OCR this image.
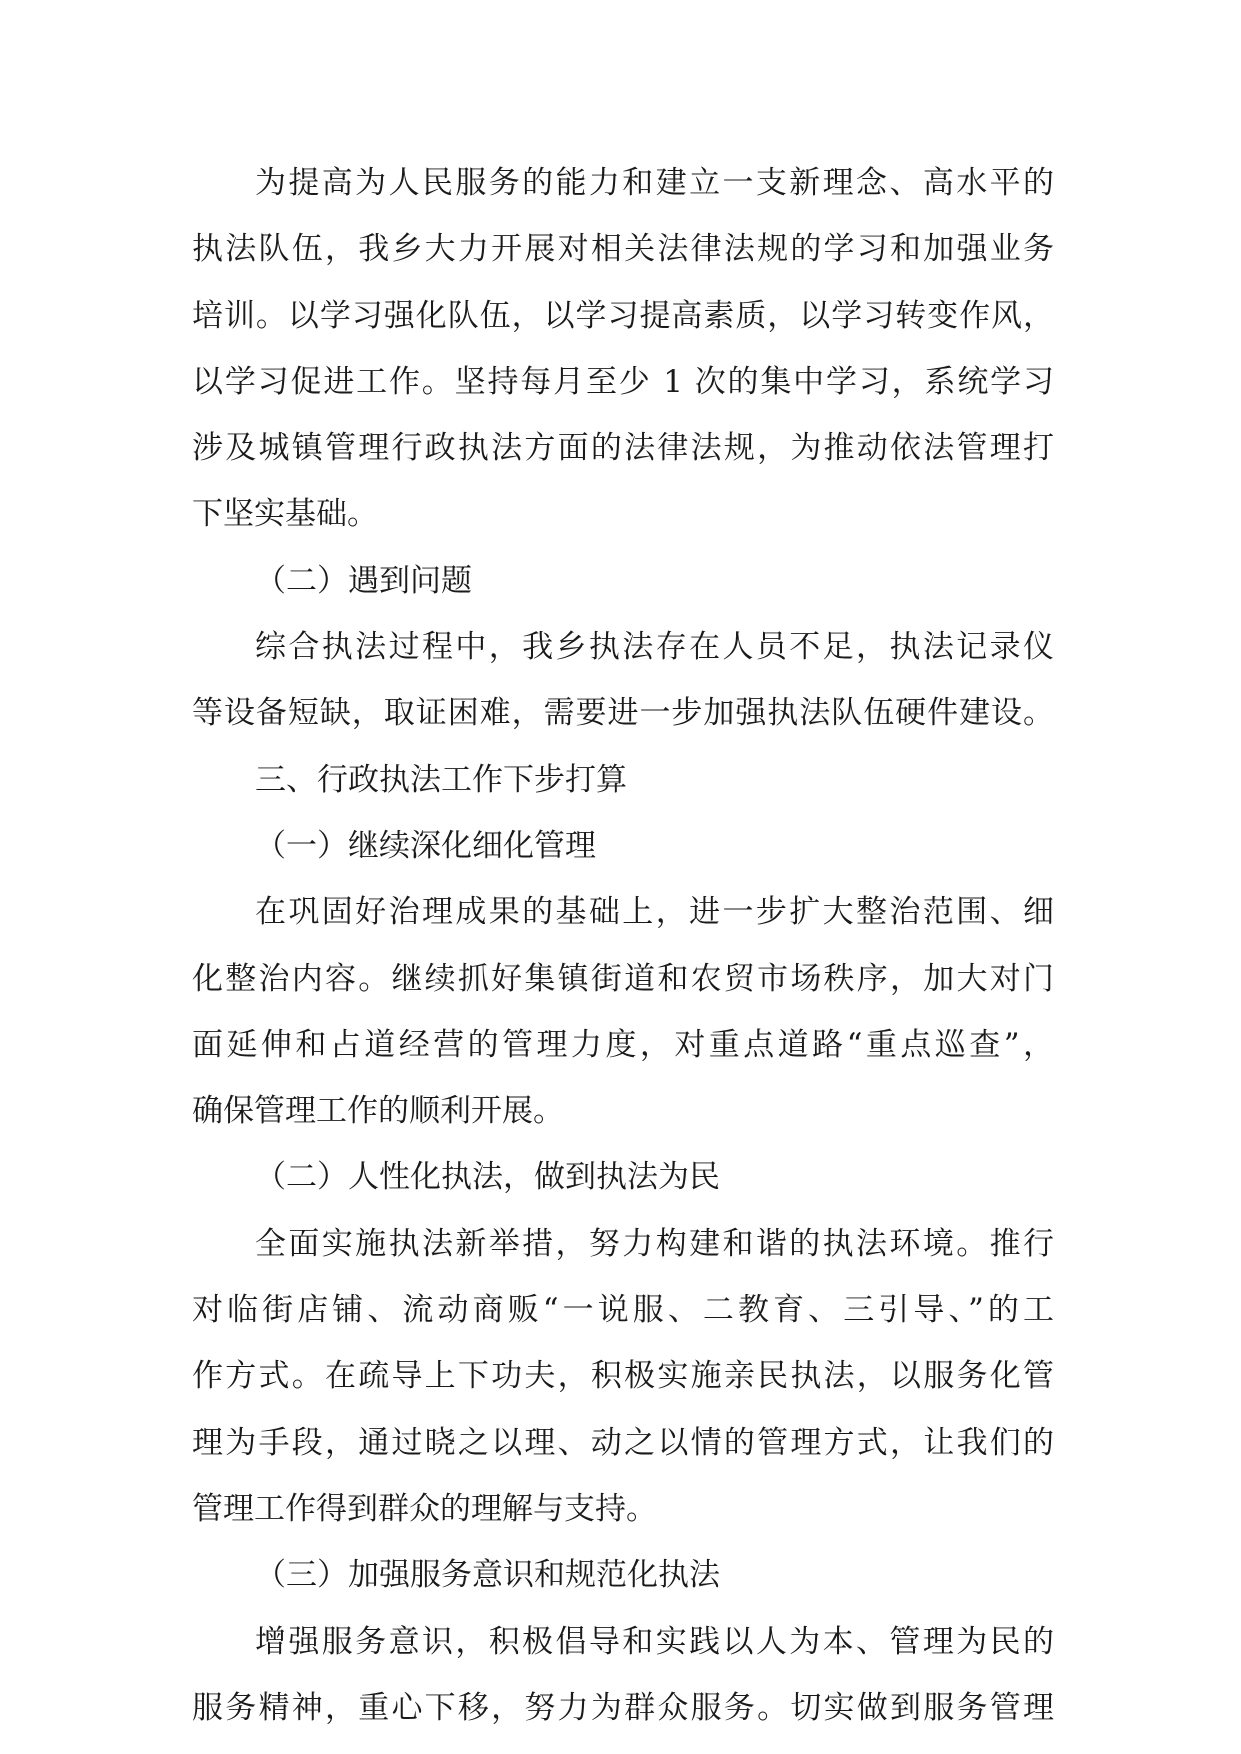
为提高为人民服务的能力和建立一支新理念、高水平的
执法队伍，我乡大力开展对相关法律法规的学习和加强业务
培训。以学习强化队伍，以学习提高素质，以学习转变作风，
以学习促进工作。坚持每月至少 1 次的集中学习，系统学习
涉及城镇管理行政执法方面的法律法规，为推动依法管理打
下坚实基础。
（二）遇到问题
综合执法过程中，我乡执法存在人员不足，执法记录仪
等设备短缺，取证困难，需要进一步加强执法队伍硬件建设。
三、行政执法工作下步打算
（一）继续深化细化管理
在巩固好治理成果的基础上，进一步扩大整治范围、细
化整治内容。继续抓好集镇街道和农贸市场秩序，加大对门
面延伸和占道经营的管理力度，对重点道路“重点巡查”，
确保管理工作的顺利开展。
（二）人性化执法，做到执法为民
全面实施执法新举措，努力构建和谐的执法环境。推行
对临街店铺、流动商贩“一说服、二教育、三引导、”的工
作方式。在疏导上下功夫，积极实施亲民执法，以服务化管
理为手段，通过晓之以理、动之以情的管理方式，让我们的
管理工作得到群众的理解与支持。
（三）加强服务意识和规范化执法
增强服务意识，积极倡导和实践以人为本、管理为民的
服务精神，重心下移，努力为群众服务。切实做到服务管理
